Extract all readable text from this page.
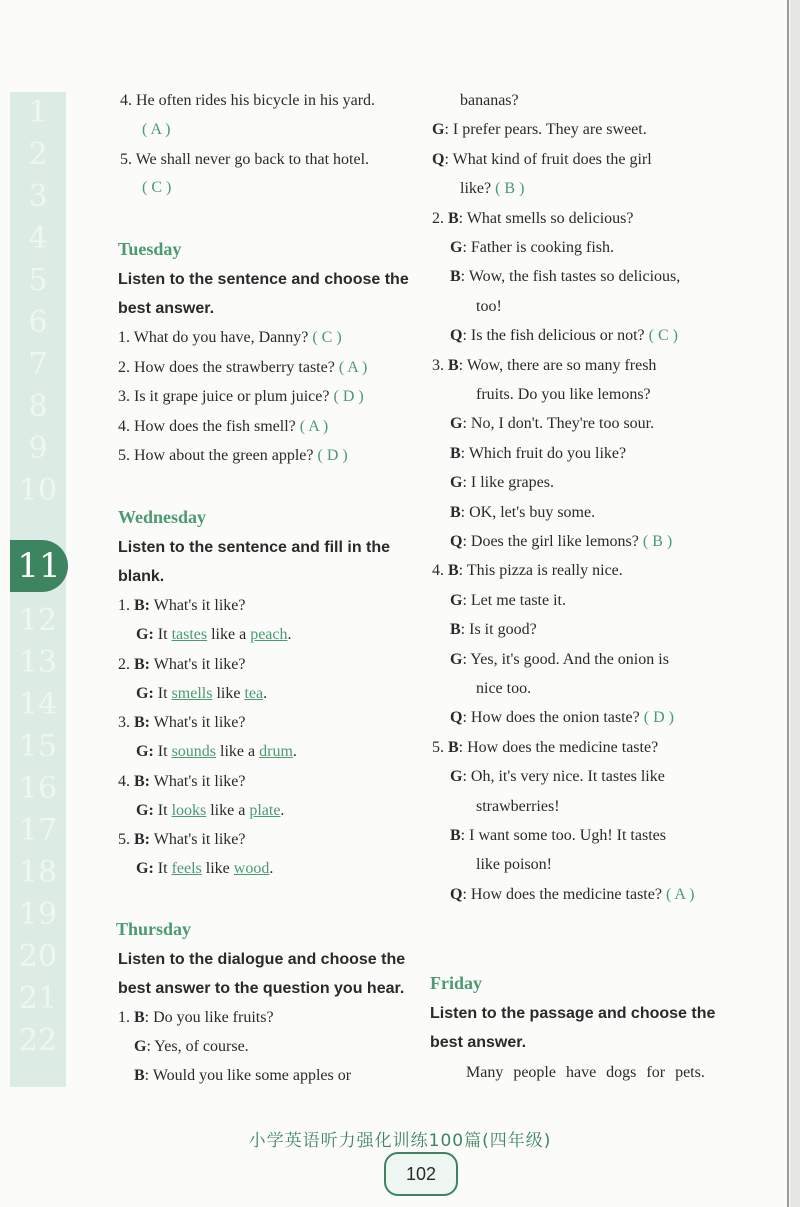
1
2
3
4
5
6
7
8
9
10
12
13
14
15
16
17
18
19
20
21
22
11
4. He often rides his bicycle in his yard.
( A )
5. We shall never go back to that hotel.
( C )
Tuesday
Listen to the sentence and choose the
best answer.
1. What do you have, Danny? ( C )
2. How does the strawberry taste? ( A )
3. Is it grape juice or plum juice? ( D )
4. How does the fish smell? ( A )
5. How about the green apple? ( D )
Wednesday
Listen to the sentence and fill in the
blank.
1. B: What's it like?
G: It tastes like a peach.
2. B: What's it like?
G: It smells like tea.
3. B: What's it like?
G: It sounds like a drum.
4. B: What's it like?
G: It looks like a plate.
5. B: What's it like?
G: It feels like wood.
Thursday
Listen to the dialogue and choose the
best answer to the question you hear.
1. B: Do you like fruits?
G: Yes, of course.
B: Would you like some apples or
bananas?
G: I prefer pears. They are sweet.
Q: What kind of fruit does the girl
like? ( B )
2. B: What smells so delicious?
G: Father is cooking fish.
B: Wow, the fish tastes so delicious,
too!
Q: Is the fish delicious or not? ( C )
3. B: Wow, there are so many fresh
fruits. Do you like lemons?
G: No, I don't. They're too sour.
B: Which fruit do you like?
G: I like grapes.
B: OK, let's buy some.
Q: Does the girl like lemons? ( B )
4. B: This pizza is really nice.
G: Let me taste it.
B: Is it good?
G: Yes, it's good. And the onion is
nice too.
Q: How does the onion taste? ( D )
5. B: How does the medicine taste?
G: Oh, it's very nice. It tastes like
strawberries!
B: I want some too. Ugh! It tastes
like poison!
Q: How does the medicine taste? ( A )
Friday
Listen to the passage and choose the
best answer.
Many people have dogs for pets.
小学英语听力强化训练100篇(四年级)
102
